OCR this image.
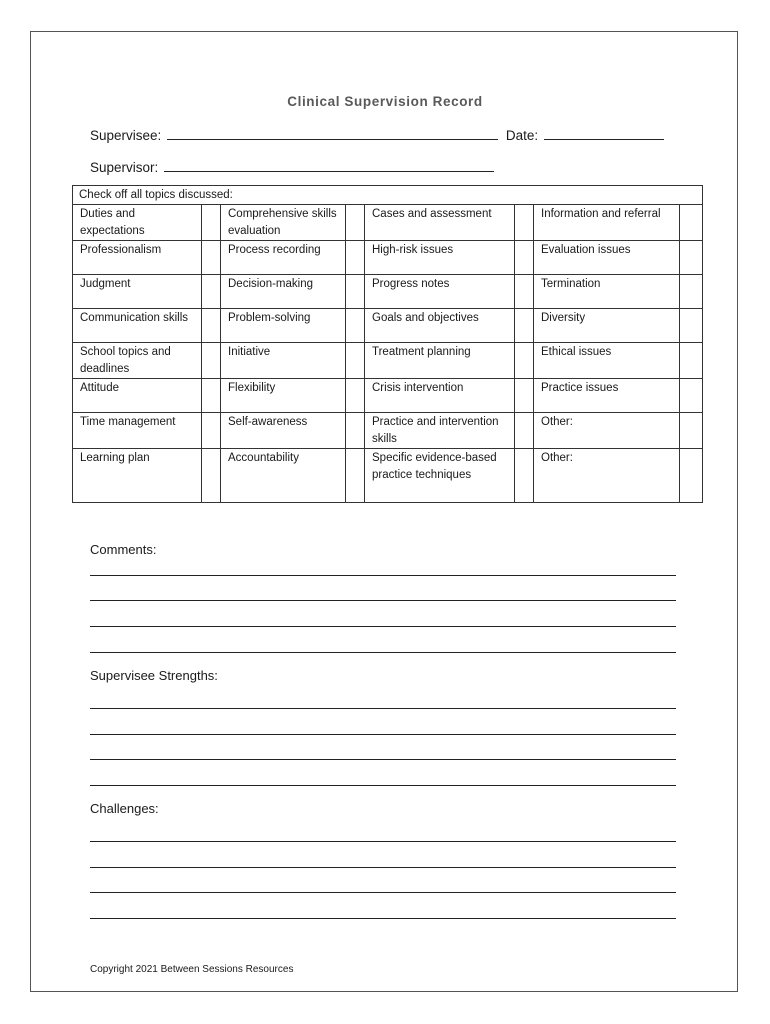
Clinical Supervision Record
Supervisee:	Date:
Supervisor:
Check off all topics discussed:							
Duties and expectations		Comprehensive skills evaluation		Cases and assessment		Information and referral	
Professionalism		Process recording		High-risk issues		Evaluation issues	
Judgment		Decision-making		Progress notes		Termination	
Communication skills		Problem-solving		Goals and objectives		Diversity	
School topics and deadlines		Initiative		Treatment planning		Ethical issues	
Attitude		Flexibility		Crisis intervention		Practice issues	
Time management		Self-awareness		Practice and intervention skills		Other:	
Learning plan		Accountability		Specific evidence-based practice techniques		Other:	
Comments:
Supervisee Strengths:
Challenges:
Copyright 2021 Between Sessions Resources
